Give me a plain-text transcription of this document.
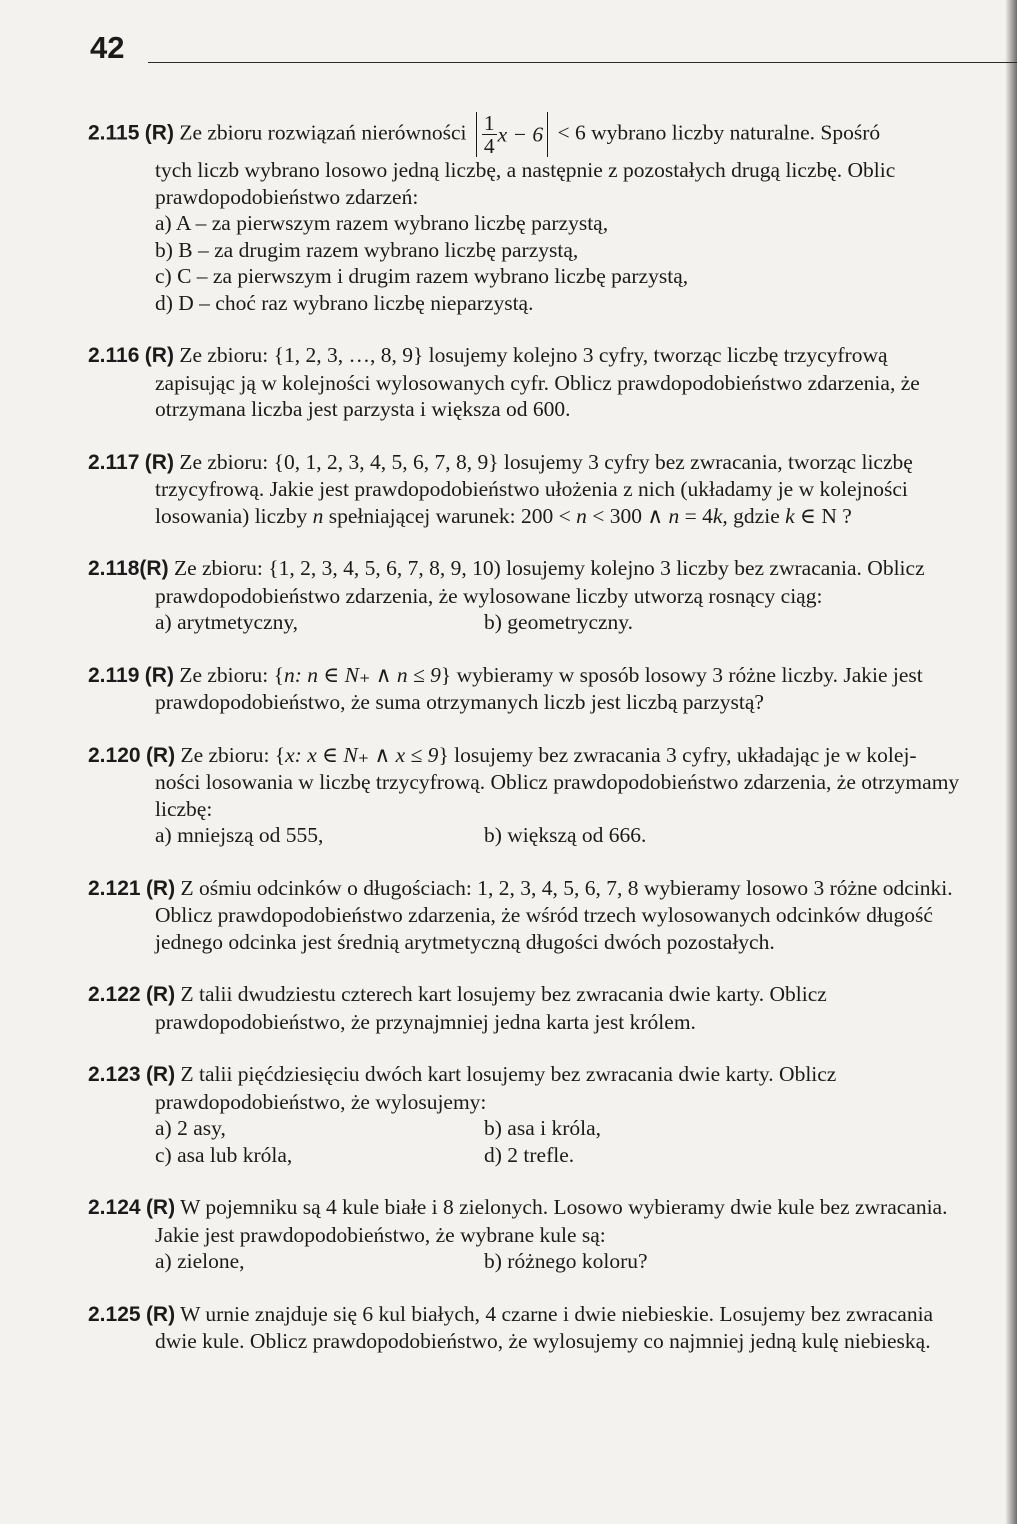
42
2.115 (R) Ze zbioru rozwiązań nierówności $\frac{1}{4}$ x − 6 < 6 wybrano liczby naturalne. Spośró
tych liczb wybrano losowo jedną liczbę, a następnie z pozostałych drugą liczbę. Oblic
prawdopodobieństwo zdarzeń:
a) A – za pierwszym razem wybrano liczbę parzystą,
b) B – za drugim razem wybrano liczbę parzystą,
c) C – za pierwszym i drugim razem wybrano liczbę parzystą,
d) D – choć raz wybrano liczbę nieparzystą.
2.116 (R) Ze zbioru: {1, 2, 3, …, 8, 9} losujemy kolejno 3 cyfry, tworząc liczbę trzycyfrową
zapisując ją w kolejności wylosowanych cyfr. Oblicz prawdopodobieństwo zdarzenia, że
otrzymana liczba jest parzysta i większa od 600.
2.117 (R) Ze zbioru: {0, 1, 2, 3, 4, 5, 6, 7, 8, 9} losujemy 3 cyfry bez zwracania, tworząc liczbę
trzycyfrową. Jakie jest prawdopodobieństwo ułożenia z nich (układamy je w kolejności
losowania) liczby n spełniającej warunek: 200 < n < 300 ∧ n = 4k, gdzie k ∈ N ?
2.118(R) Ze zbioru: {1, 2, 3, 4, 5, 6, 7, 8, 9, 10) losujemy kolejno 3 liczby bez zwracania. Oblicz
prawdopodobieństwo zdarzenia, że wylosowane liczby utworzą rosnący ciąg:
a) arytmetyczny,	b) geometryczny.
2.119 (R) Ze zbioru: {n: n ∈ N₊ ∧ n ≤ 9} wybieramy w sposób losowy 3 różne liczby. Jakie jest
prawdopodobieństwo, że suma otrzymanych liczb jest liczbą parzystą?
2.120 (R) Ze zbioru: {x: x ∈ N₊ ∧ x ≤ 9} losujemy bez zwracania 3 cyfry, układając je w kolej-
ności losowania w liczbę trzycyfrową. Oblicz prawdopodobieństwo zdarzenia, że otrzymamy
liczbę:
a) mniejszą od 555,	b) większą od 666.
2.121 (R) Z ośmiu odcinków o długościach: 1, 2, 3, 4, 5, 6, 7, 8 wybieramy losowo 3 różne odcinki.
Oblicz prawdopodobieństwo zdarzenia, że wśród trzech wylosowanych odcinków długość
jednego odcinka jest średnią arytmetyczną długości dwóch pozostałych.
2.122 (R) Z talii dwudziestu czterech kart losujemy bez zwracania dwie karty. Oblicz
prawdopodobieństwo, że przynajmniej jedna karta jest królem.
2.123 (R) Z talii pięćdziesięciu dwóch kart losujemy bez zwracania dwie karty. Oblicz
prawdopodobieństwo, że wylosujemy:
a) 2 asy,	b) asa i króla,
c) asa lub króla,	d) 2 trefle.
2.124 (R) W pojemniku są 4 kule białe i 8 zielonych. Losowo wybieramy dwie kule bez zwracania.
Jakie jest prawdopodobieństwo, że wybrane kule są:
a) zielone,	b) różnego koloru?
2.125 (R) W urnie znajduje się 6 kul białych, 4 czarne i dwie niebieskie. Losujemy bez zwracania
dwie kule. Oblicz prawdopodobieństwo, że wylosujemy co najmniej jedną kulę niebieską.
